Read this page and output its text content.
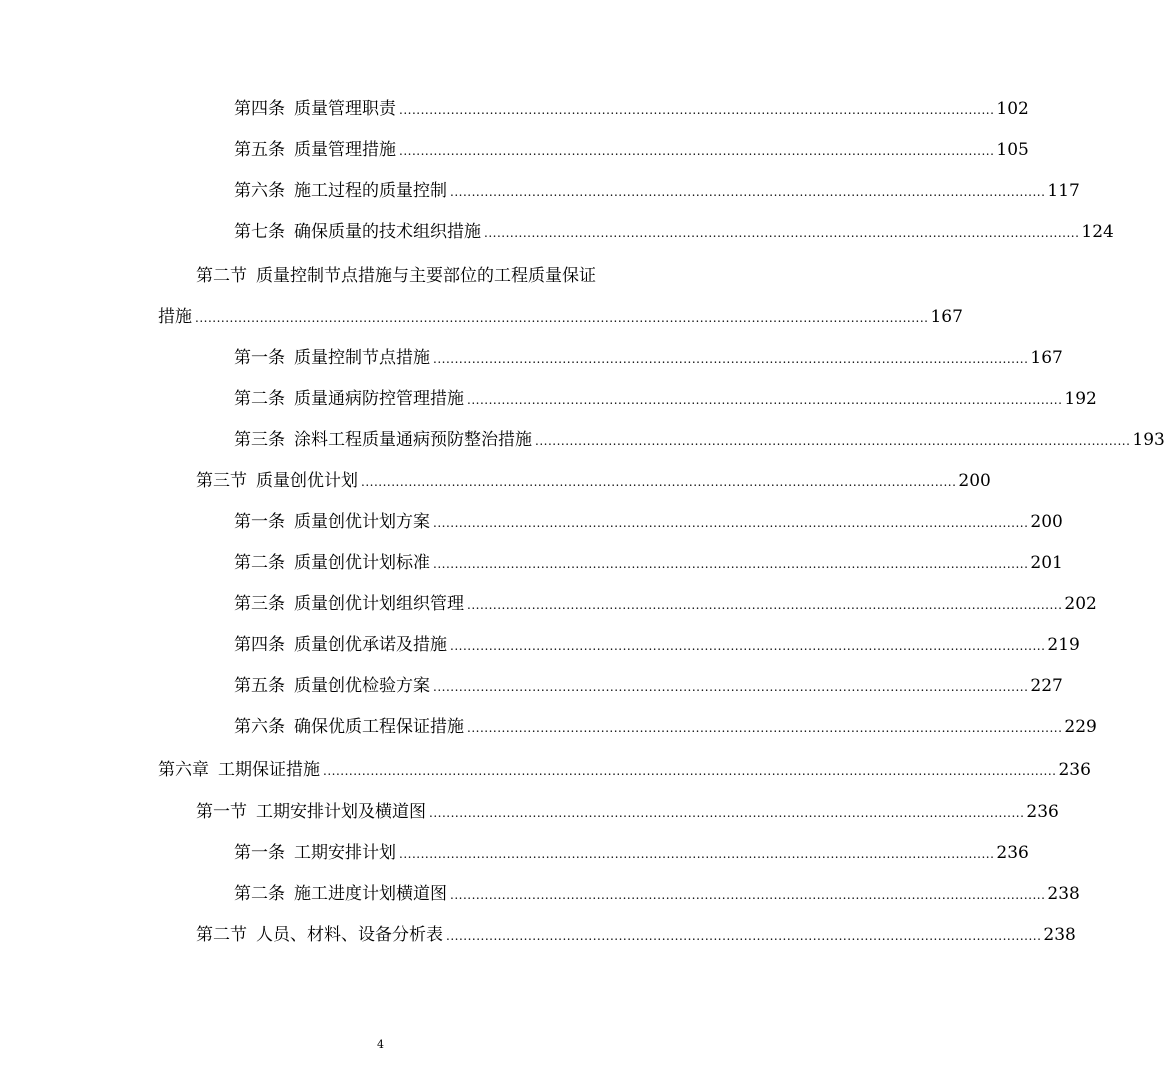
第四条 质量管理职责 .......................................................................................................................................... 102
第五条 质量管理措施 .......................................................................................................................................... 105
第六条 施工过程的质量控制 .......................................................................................................................................... 117
第七条 确保质量的技术组织措施 .......................................................................................................................................... 124
第二节 质量控制节点措施与主要部位的工程质量保证
措施 .......................................................................................................................................................................... 167
第一条 质量控制节点措施 .......................................................................................................................................... 167
第二条 质量通病防控管理措施 .......................................................................................................................................... 192
第三条 涂料工程质量通病预防整治措施 .......................................................................................................................................... 193
第三节 质量创优计划 .......................................................................................................................................... 200
第一条 质量创优计划方案 .......................................................................................................................................... 200
第二条 质量创优计划标准 .......................................................................................................................................... 201
第三条 质量创优计划组织管理 .......................................................................................................................................... 202
第四条 质量创优承诺及措施 .......................................................................................................................................... 219
第五条 质量创优检验方案 .......................................................................................................................................... 227
第六条 确保优质工程保证措施 .......................................................................................................................................... 229
第六章 工期保证措施 .......................................................................................................................................................................... 236
第一节 工期安排计划及横道图 .......................................................................................................................................... 236
第一条 工期安排计划 .......................................................................................................................................... 236
第二条 施工进度计划横道图 .......................................................................................................................................... 238
第二节 人员、材料、设备分析表 .......................................................................................................................................... 238
4
